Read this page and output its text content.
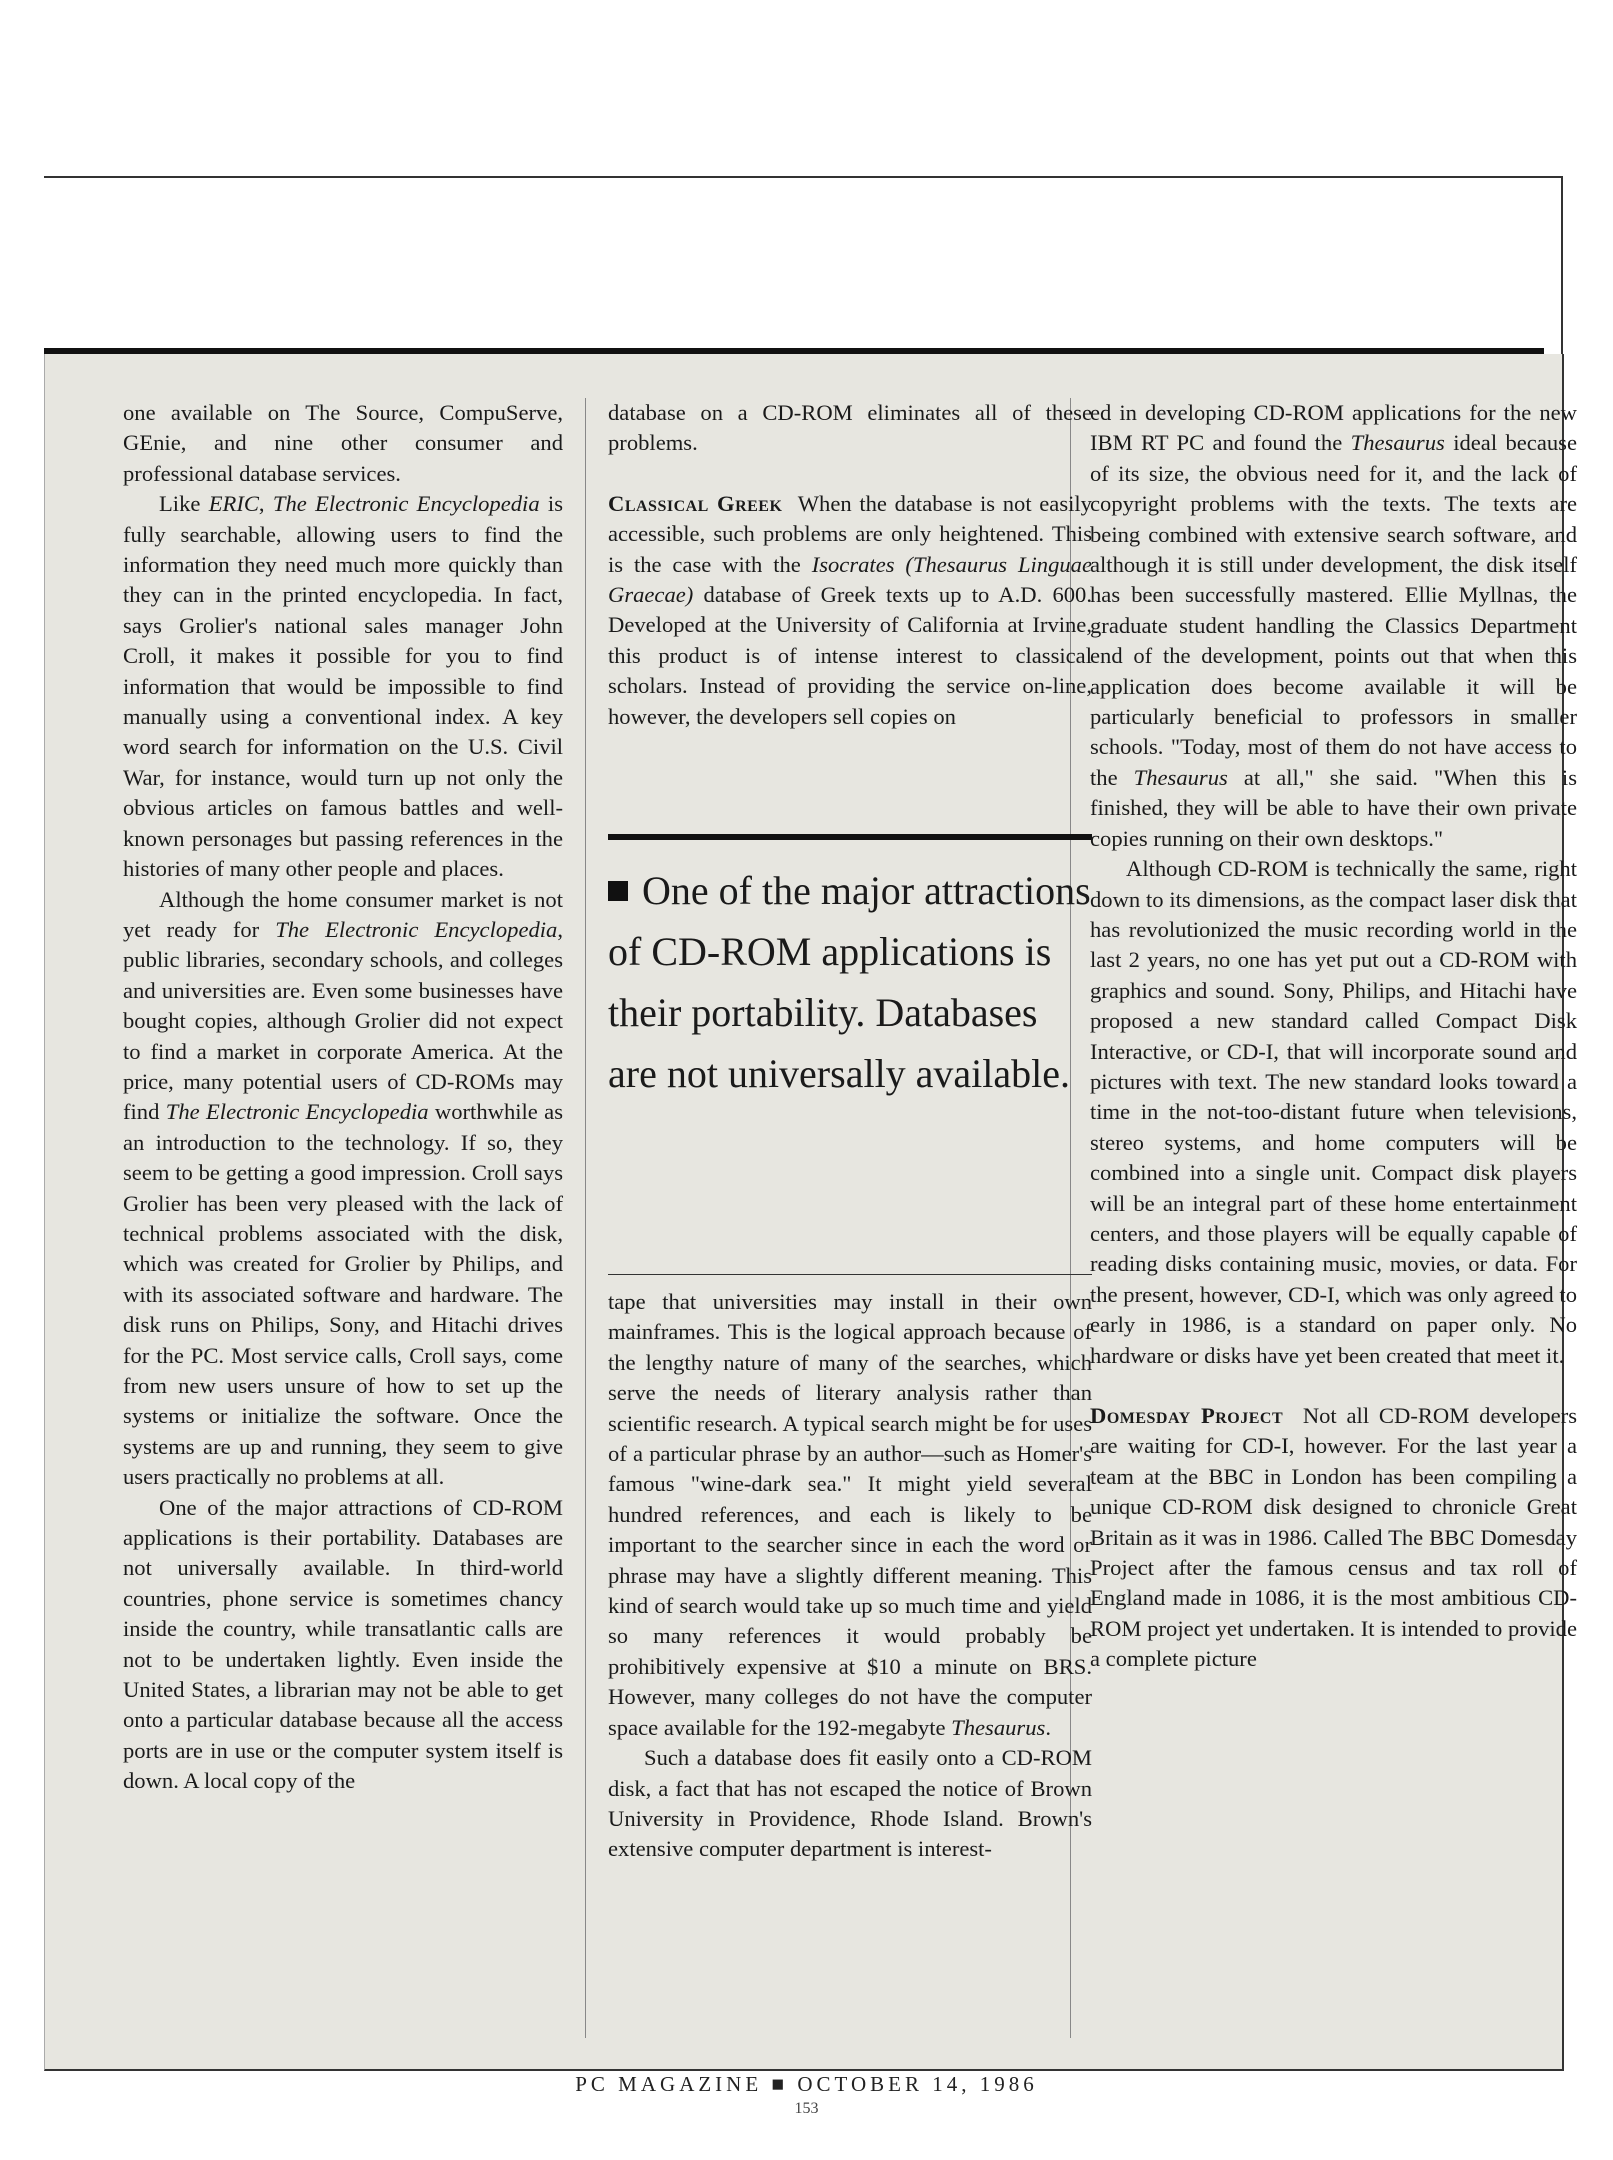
one available on The Source, CompuServe, GEnie, and nine other consumer and professional database services.

Like ERIC, The Electronic Encyclopedia is fully searchable, allowing users to find the information they need much more quickly than they can in the printed encyclopedia. In fact, says Grolier's national sales manager John Croll, it makes it possible for you to find information that would be impossible to find manually using a conventional index. A key word search for information on the U.S. Civil War, for instance, would turn up not only the obvious articles on famous battles and well-known personages but passing references in the histories of many other people and places.

Although the home consumer market is not yet ready for The Electronic Encyclopedia, public libraries, secondary schools, and colleges and universities are. Even some businesses have bought copies, although Grolier did not expect to find a market in corporate America. At the price, many potential users of CD-ROMs may find The Electronic Encyclopedia worthwhile as an introduction to the technology. If so, they seem to be getting a good impression. Croll says Grolier has been very pleased with the lack of technical problems associated with the disk, which was created for Grolier by Philips, and with its associated software and hardware. The disk runs on Philips, Sony, and Hitachi drives for the PC. Most service calls, Croll says, come from new users unsure of how to set up the systems or initialize the software. Once the systems are up and running, they seem to give users practically no problems at all.

One of the major attractions of CD-ROM applications is their portability. Databases are not universally available. In third-world countries, phone service is sometimes chancy inside the country, while transatlantic calls are not to be undertaken lightly. Even inside the United States, a librarian may not be able to get onto a particular database because all the access ports are in use or the computer system itself is down. A local copy of the

database on a CD-ROM eliminates all of these problems.

Classical Greek When the database is not easily accessible, such problems are only heightened. This is the case with the Isocrates (Thesaurus Linguae Graecae) database of Greek texts up to A.D. 600. Developed at the University of California at Irvine, this product is of intense interest to classical scholars. Instead of providing the service on-line, however, the developers sell copies on

One of the major attractions of CD-ROM applications is their portability. Databases are not universally available.

tape that universities may install in their own mainframes. This is the logical approach because of the lengthy nature of many of the searches, which serve the needs of literary analysis rather than scientific research. A typical search might be for uses of a particular phrase by an author—such as Homer's famous "wine-dark sea." It might yield several hundred references, and each is likely to be important to the searcher since in each the word or phrase may have a slightly different meaning. This kind of search would take up so much time and yield so many references it would probably be prohibitively expensive at $10 a minute on BRS. However, many colleges do not have the computer space available for the 192-megabyte Thesaurus.

Such a database does fit easily onto a CD-ROM disk, a fact that has not escaped the notice of Brown University in Providence, Rhode Island. Brown's extensive computer department is interest-

ed in developing CD-ROM applications for the new IBM RT PC and found the Thesaurus ideal because of its size, the obvious need for it, and the lack of copyright problems with the texts. The texts are being combined with extensive search software, and although it is still under development, the disk itself has been successfully mastered. Ellie Myllnas, the graduate student handling the Classics Department end of the development, points out that when this application does become available it will be particularly beneficial to professors in smaller schools. "Today, most of them do not have access to the Thesaurus at all," she said. "When this is finished, they will be able to have their own private copies running on their own desktops."

Although CD-ROM is technically the same, right down to its dimensions, as the compact laser disk that has revolutionized the music recording world in the last 2 years, no one has yet put out a CD-ROM with graphics and sound. Sony, Philips, and Hitachi have proposed a new standard called Compact Disk Interactive, or CD-I, that will incorporate sound and pictures with text. The new standard looks toward a time in the not-too-distant future when televisions, stereo systems, and home computers will be combined into a single unit. Compact disk players will be an integral part of these home entertainment centers, and those players will be equally capable of reading disks containing music, movies, or data. For the present, however, CD-I, which was only agreed to early in 1986, is a standard on paper only. No hardware or disks have yet been created that meet it.

Domesday Project Not all CD-ROM developers are waiting for CD-I, however. For the last year a team at the BBC in London has been compiling a unique CD-ROM disk designed to chronicle Great Britain as it was in 1986. Called The BBC Domesday Project after the famous census and tax roll of England made in 1086, it is the most ambitious CD-ROM project yet undertaken. It is intended to provide a complete picture

PC MAGAZINE ■ OCTOBER 14, 1986
153
